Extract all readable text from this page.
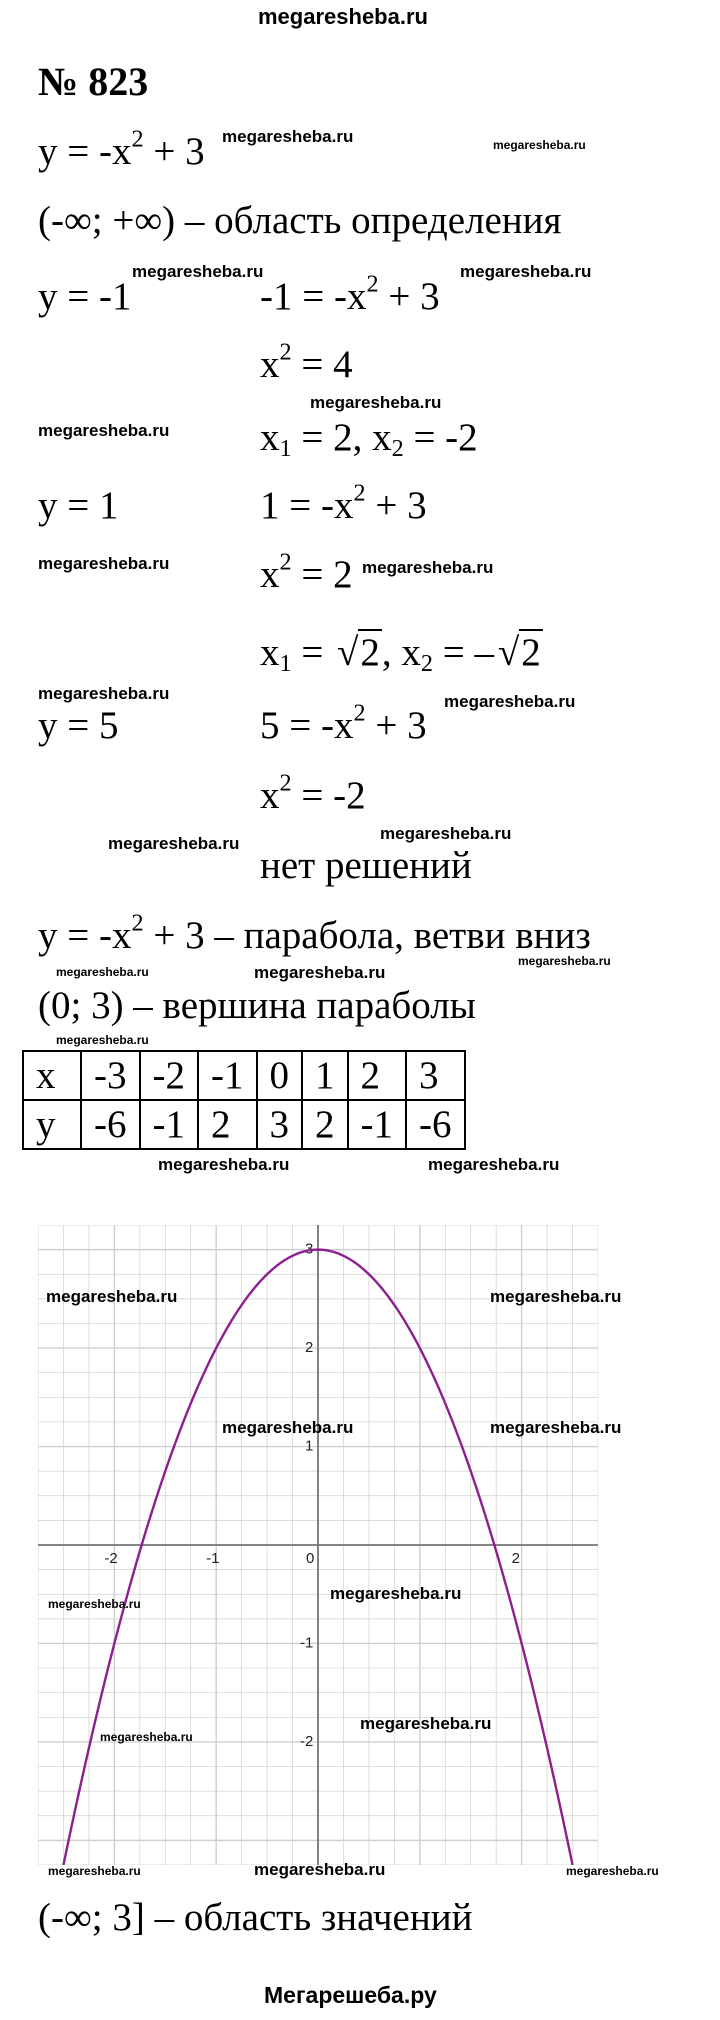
megaresheba.ru
№ 823
$y = -x^2 + 3$ megaresheba.ru	megaresheba.ru
(-∞; +∞) – область определения
y = -1
megaresheba.ru
$-1 = -x^2 + 3$
megaresheba.ru
$x^2 = 4$
megaresheba.ru
megaresheba.ru $x_1 = 2$, $x_2 = -2$
y = 1	$1 = -x^2 + 3$
megaresheba.ru $x^2 = 2$ megaresheba.ru
$x_1 = √2$, $x_2 = -√2$
megaresheba.ru
y = 5	$5 = -x^2 + 3$
megaresheba.ru
$x^2 = -2$
megaresheba.ru
megaresheba.ru
нет решений
$y = -x^2 + 3$ – парабола, ветви вниз
megaresheba.ru
megaresheba.ru
megaresheba.ru
(0; 3) – вершина параболы
megaresheba.ru
x	-3	-2	-1	0	1	2	3
y	-6	-1	2	3	2	-1	-6
megaresheba.ru	megaresheba.ru
-2	-1	0	2
3
2
1
-1
-2
megaresheba.ru	megaresheba.ru
megaresheba.ru	megaresheba.ru
megaresheba.ru
megaresheba.ru
megaresheba.ru
megaresheba.ru
megaresheba.ru	megaresheba.ru	megaresheba.ru
(-∞; 3] – область значений
Мегарешеба.ру
